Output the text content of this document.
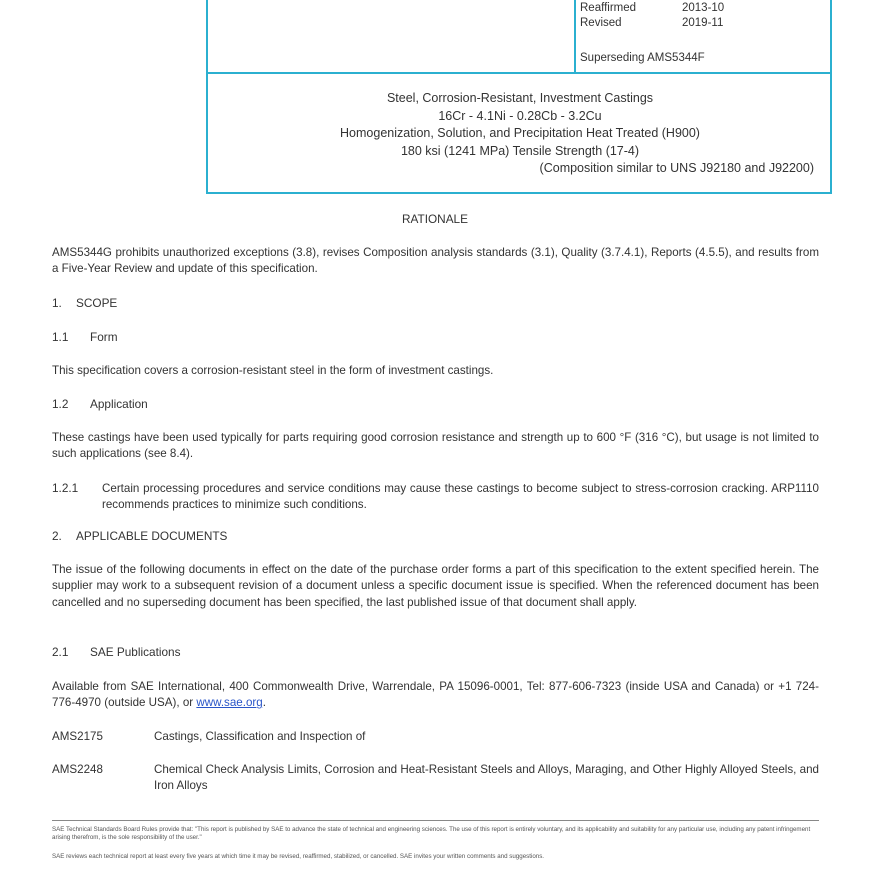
Reaffirmed	2013-10
Revised	2019-11
Superseding AMS5344F
Steel, Corrosion-Resistant, Investment Castings
16Cr - 4.1Ni - 0.28Cb - 3.2Cu
Homogenization, Solution, and Precipitation Heat Treated (H900)
180 ksi (1241 MPa) Tensile Strength (17-4)
(Composition similar to UNS J92180 and J92200)
RATIONALE
AMS5344G prohibits unauthorized exceptions (3.8), revises Composition analysis standards (3.1), Quality (3.7.4.1), Reports (4.5.5), and results from a Five-Year Review and update of this specification.
1. SCOPE
1.1 Form
This specification covers a corrosion-resistant steel in the form of investment castings.
1.2 Application
These castings have been used typically for parts requiring good corrosion resistance and strength up to 600 °F (316 °C), but usage is not limited to such applications (see 8.4).
1.2.1 Certain processing procedures and service conditions may cause these castings to become subject to stress-corrosion cracking. ARP1110 recommends practices to minimize such conditions.
2. APPLICABLE DOCUMENTS
The issue of the following documents in effect on the date of the purchase order forms a part of this specification to the extent specified herein. The supplier may work to a subsequent revision of a document unless a specific document issue is specified. When the referenced document has been cancelled and no superseding document has been specified, the last published issue of that document shall apply.
2.1 SAE Publications
Available from SAE International, 400 Commonwealth Drive, Warrendale, PA 15096-0001, Tel: 877-606-7323 (inside USA and Canada) or +1 724-776-4970 (outside USA), or www.sae.org.
AMS2175	Castings, Classification and Inspection of
AMS2248	Chemical Check Analysis Limits, Corrosion and Heat-Resistant Steels and Alloys, Maraging, and Other Highly Alloyed Steels, and Iron Alloys
SAE Technical Standards Board Rules provide that: "This report is published by SAE to advance the state of technical and engineering sciences. The use of this report is entirely voluntary, and its applicability and suitability for any particular use, including any patent infringement arising therefrom, is the sole responsibility of the user."
SAE reviews each technical report at least every five years at which time it may be revised, reaffirmed, stabilized, or cancelled. SAE invites your written comments and suggestions.
